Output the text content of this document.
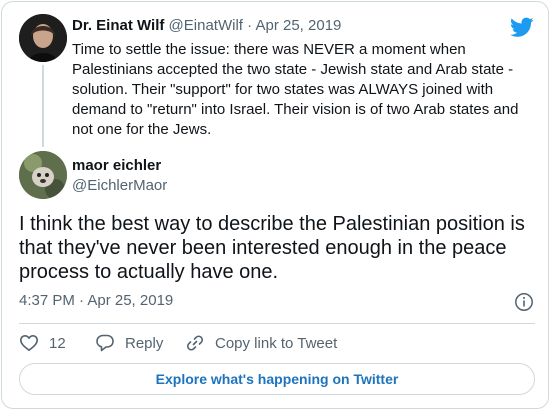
Dr. Einat Wilf @EinatWilf · Apr 25, 2019
Time to settle the issue: there was NEVER a moment when Palestinians accepted the two state - Jewish state and Arab state - solution. Their "support" for two states was ALWAYS joined with demand to "return" into Israel. Their vision is of two Arab states and not one for the Jews.
maor eichler
@EichlerMaor
I think the best way to describe the Palestinian position is that they've never been interested enough in the peace process to actually have one.
4:37 PM · Apr 25, 2019
12	Reply	Copy link to Tweet
Explore what's happening on Twitter
